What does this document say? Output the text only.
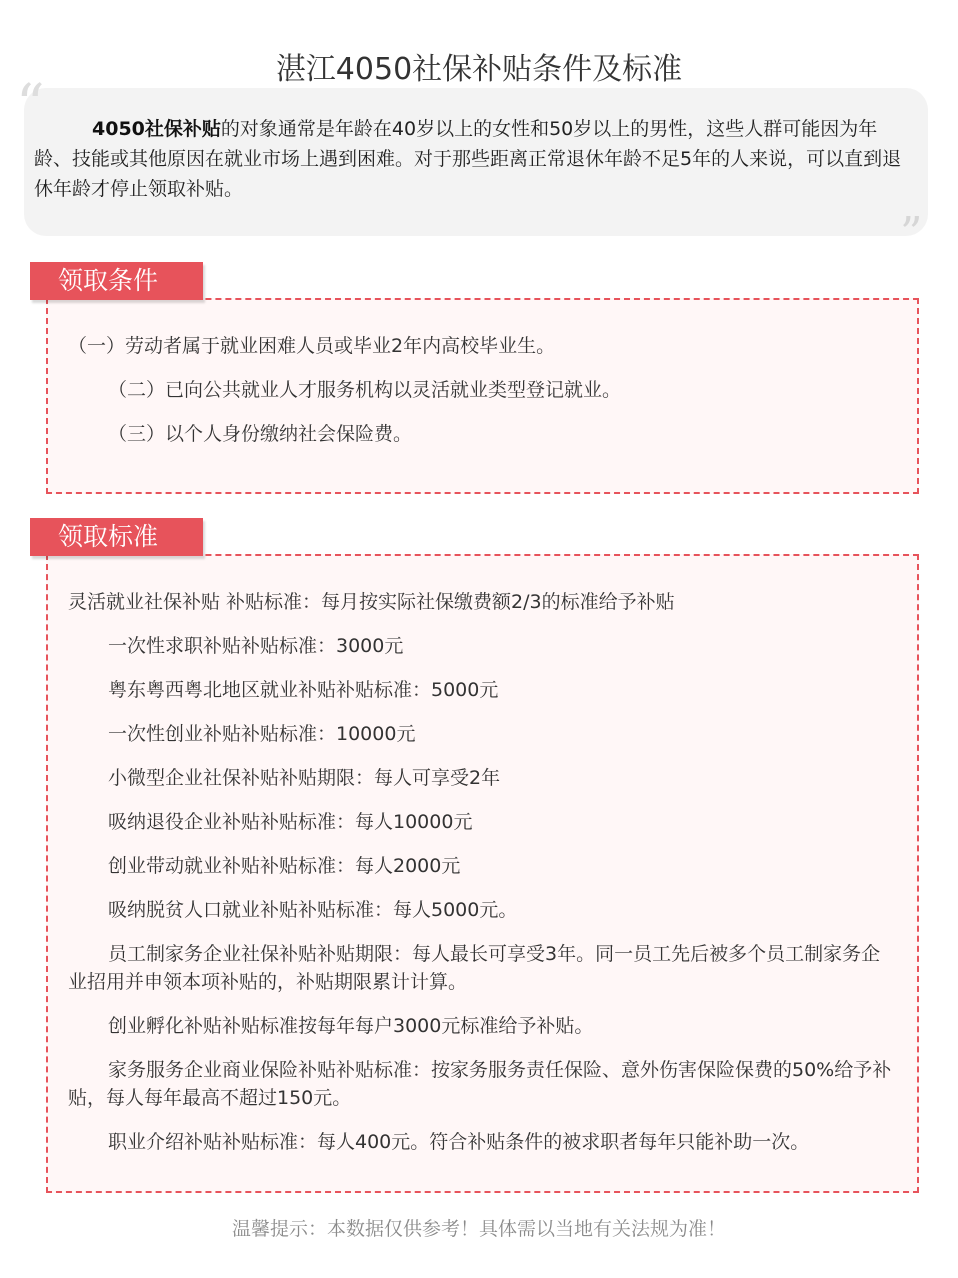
湛江4050社保补贴条件及标准

4050社保补贴的对象通常是年龄在40岁以上的女性和50岁以上的男性，这些人群可能因为年龄、技能或其他原因在就业市场上遇到困难。对于那些距离正常退休年龄不足5年的人来说，可以直到退休年龄才停止领取补贴。

“
”
领取条件

（一）劳动者属于就业困难人员或毕业2年内高校毕业生。

（二）已向公共就业人才服务机构以灵活就业类型登记就业。

（三）以个人身份缴纳社会保险费。

领取标准

灵活就业社保补贴 补贴标准：每月按实际社保缴费额2/3的标准给予补贴

一次性求职补贴补贴标准：3000元

粤东粤西粤北地区就业补贴补贴标准：5000元

一次性创业补贴补贴标准：10000元

小微型企业社保补贴补贴期限：每人可享受2年

吸纳退役企业补贴补贴标准：每人10000元

创业带动就业补贴补贴标准：每人2000元

吸纳脱贫人口就业补贴补贴标准：每人5000元。

员工制家务企业社保补贴补贴期限：每人最长可享受3年。同一员工先后被多个员工制家务企业招用并申领本项补贴的，补贴期限累计计算。

创业孵化补贴补贴标准按每年每户3000元标准给予补贴。

家务服务企业商业保险补贴补贴标准：按家务服务责任保险、意外伤害保险保费的50%给予补贴，每人每年最高不超过150元。

职业介绍补贴补贴标准：每人400元。符合补贴条件的被求职者每年只能补助一次。

温馨提示：本数据仅供参考！具体需以当地有关法规为准！
